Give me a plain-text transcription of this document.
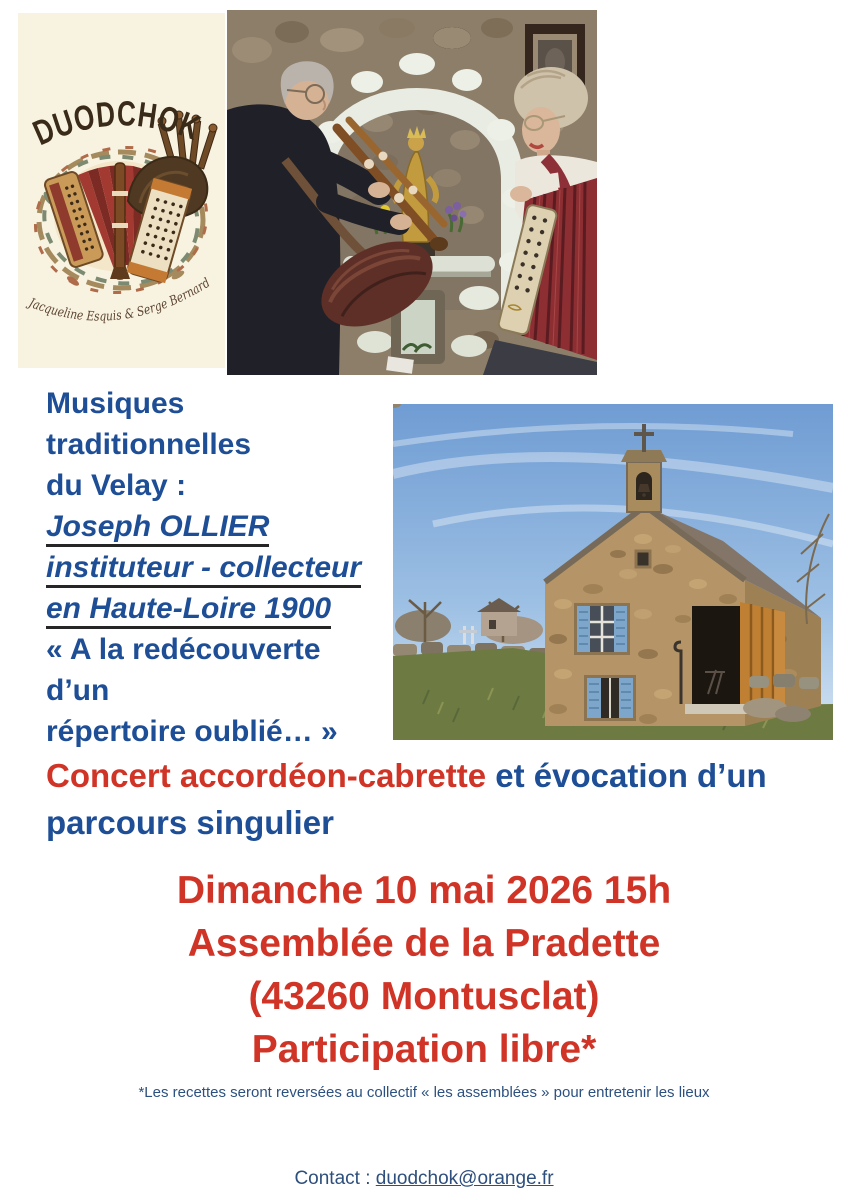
DUODCHOK
Jacqueline Esquis & Serge Bernard
Musiques
traditionnelles
du Velay :
Joseph OLLIER
instituteur - collecteur
en Haute-Loire 1900
« A la redécouverte
d’un
répertoire oublié… »
Concert accordéon-cabrette et évocation d’un parcours singulier
Dimanche 10 mai 2026 15h
Assemblée de la Pradette
(43260 Montusclat)
Participation libre*
*Les recettes seront reversées au collectif « les assemblées » pour entretenir les lieux
Contact : duodchok@orange.fr
